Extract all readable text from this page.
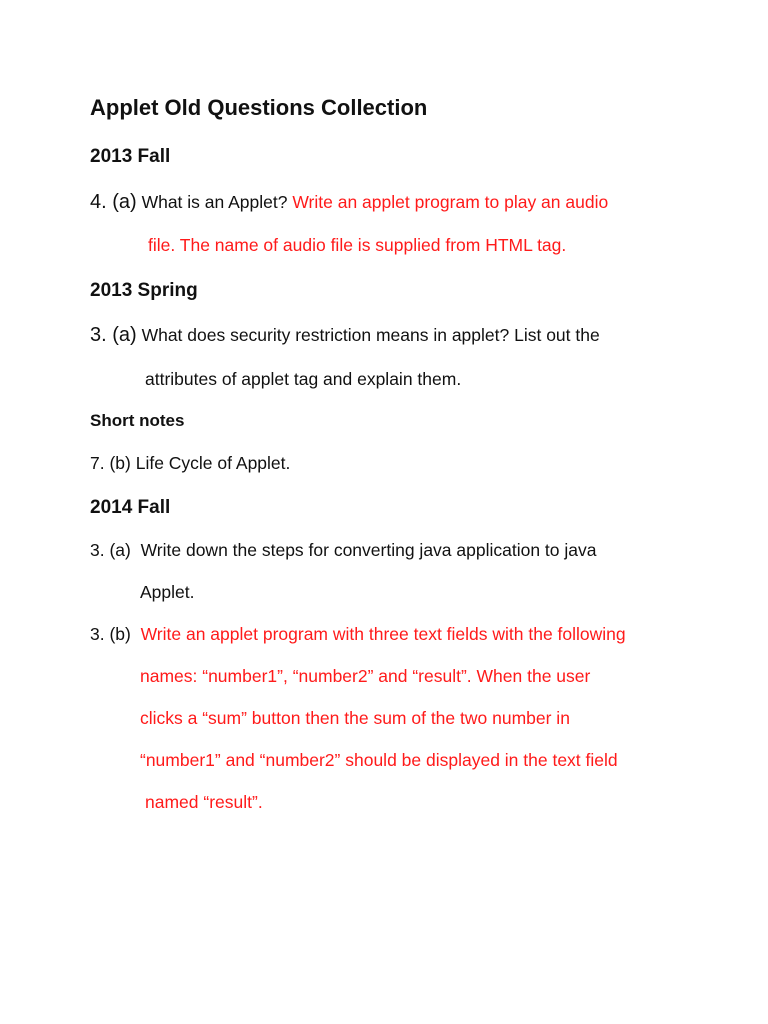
Applet Old Questions Collection
2013 Fall
4. (a) What is an Applet? Write an applet program to play an audio
file. The name of audio file is supplied from HTML tag.
2013 Spring
3. (a) What does security restriction means in applet? List out the
attributes of applet tag and explain them.
Short notes
7. (b) Life Cycle of Applet.
2014 Fall
3. (a) Write down the steps for converting java application to java
Applet.
3. (b) Write an applet program with three text fields with the following
names: “number1”, “number2” and “result”. When the user
clicks a “sum” button then the sum of the two number in
“number1” and “number2” should be displayed in the text field
named “result”.
